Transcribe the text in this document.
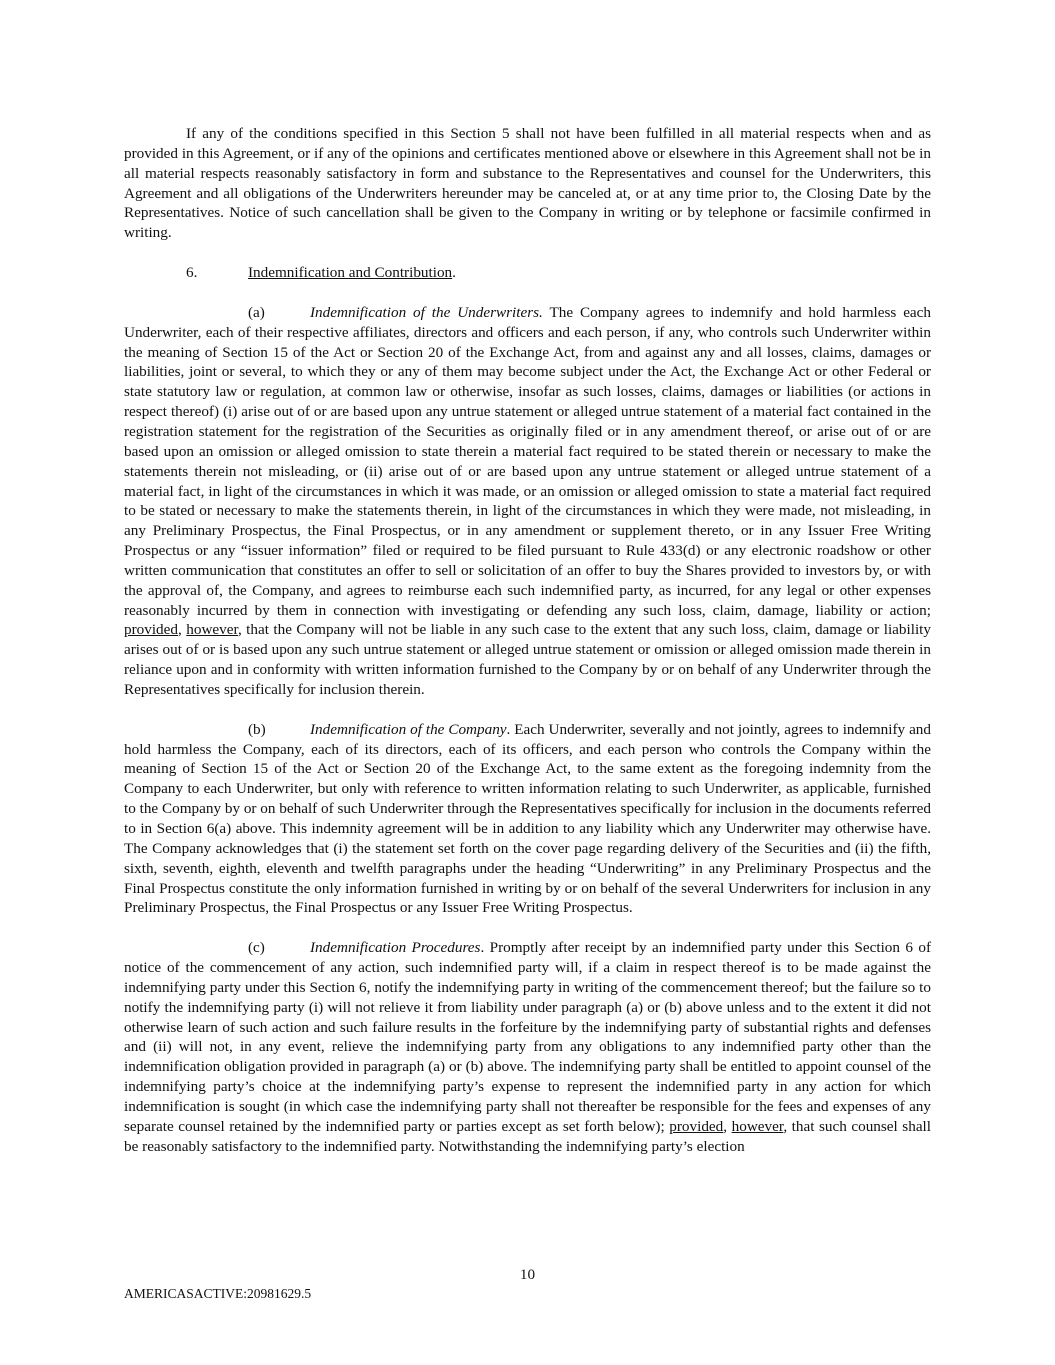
If any of the conditions specified in this Section 5 shall not have been fulfilled in all material respects when and as provided in this Agreement, or if any of the opinions and certificates mentioned above or elsewhere in this Agreement shall not be in all material respects reasonably satisfactory in form and substance to the Representatives and counsel for the Underwriters, this Agreement and all obligations of the Underwriters hereunder may be canceled at, or at any time prior to, the Closing Date by the Representatives. Notice of such cancellation shall be given to the Company in writing or by telephone or facsimile confirmed in writing.

6.	Indemnification and Contribution.

(a)	Indemnification of the Underwriters. The Company agrees to indemnify and hold harmless each Underwriter, each of their respective affiliates, directors and officers and each person, if any, who controls such Underwriter within the meaning of Section 15 of the Act or Section 20 of the Exchange Act, from and against any and all losses, claims, damages or liabilities, joint or several, to which they or any of them may become subject under the Act, the Exchange Act or other Federal or state statutory law or regulation, at common law or otherwise, insofar as such losses, claims, damages or liabilities (or actions in respect thereof) (i) arise out of or are based upon any untrue statement or alleged untrue statement of a material fact contained in the registration statement for the registration of the Securities as originally filed or in any amendment thereof, or arise out of or are based upon an omission or alleged omission to state therein a material fact required to be stated therein or necessary to make the statements therein not misleading, or (ii) arise out of or are based upon any untrue statement or alleged untrue statement of a material fact, in light of the circumstances in which it was made, or an omission or alleged omission to state a material fact required to be stated or necessary to make the statements therein, in light of the circumstances in which they were made, not misleading, in any Preliminary Prospectus, the Final Prospectus, or in any amendment or supplement thereto, or in any Issuer Free Writing Prospectus or any “issuer information” filed or required to be filed pursuant to Rule 433(d) or any electronic roadshow or other written communication that constitutes an offer to sell or solicitation of an offer to buy the Shares provided to investors by, or with the approval of, the Company, and agrees to reimburse each such indemnified party, as incurred, for any legal or other expenses reasonably incurred by them in connection with investigating or defending any such loss, claim, damage, liability or action; provided, however, that the Company will not be liable in any such case to the extent that any such loss, claim, damage or liability arises out of or is based upon any such untrue statement or alleged untrue statement or omission or alleged omission made therein in reliance upon and in conformity with written information furnished to the Company by or on behalf of any Underwriter through the Representatives specifically for inclusion therein.

(b)	Indemnification of the Company. Each Underwriter, severally and not jointly, agrees to indemnify and hold harmless the Company, each of its directors, each of its officers, and each person who controls the Company within the meaning of Section 15 of the Act or Section 20 of the Exchange Act, to the same extent as the foregoing indemnity from the Company to each Underwriter, but only with reference to written information relating to such Underwriter, as applicable, furnished to the Company by or on behalf of such Underwriter through the Representatives specifically for inclusion in the documents referred to in Section 6(a) above. This indemnity agreement will be in addition to any liability which any Underwriter may otherwise have. The Company acknowledges that (i) the statement set forth on the cover page regarding delivery of the Securities and (ii) the fifth, sixth, seventh, eighth, eleventh and twelfth paragraphs under the heading “Underwriting” in any Preliminary Prospectus and the Final Prospectus constitute the only information furnished in writing by or on behalf of the several Underwriters for inclusion in any Preliminary Prospectus, the Final Prospectus or any Issuer Free Writing Prospectus.

(c)	Indemnification Procedures. Promptly after receipt by an indemnified party under this Section 6 of notice of the commencement of any action, such indemnified party will, if a claim in respect thereof is to be made against the indemnifying party under this Section 6, notify the indemnifying party in writing of the commencement thereof; but the failure so to notify the indemnifying party (i) will not relieve it from liability under paragraph (a) or (b) above unless and to the extent it did not otherwise learn of such action and such failure results in the forfeiture by the indemnifying party of substantial rights and defenses and (ii) will not, in any event, relieve the indemnifying party from any obligations to any indemnified party other than the indemnification obligation provided in paragraph (a) or (b) above. The indemnifying party shall be entitled to appoint counsel of the indemnifying party’s choice at the indemnifying party’s expense to represent the indemnified party in any action for which indemnification is sought (in which case the indemnifying party shall not thereafter be responsible for the fees and expenses of any separate counsel retained by the indemnified party or parties except as set forth below); provided, however, that such counsel shall be reasonably satisfactory to the indemnified party. Notwithstanding the indemnifying party’s election

10
AMERICASACTIVE:20981629.5
